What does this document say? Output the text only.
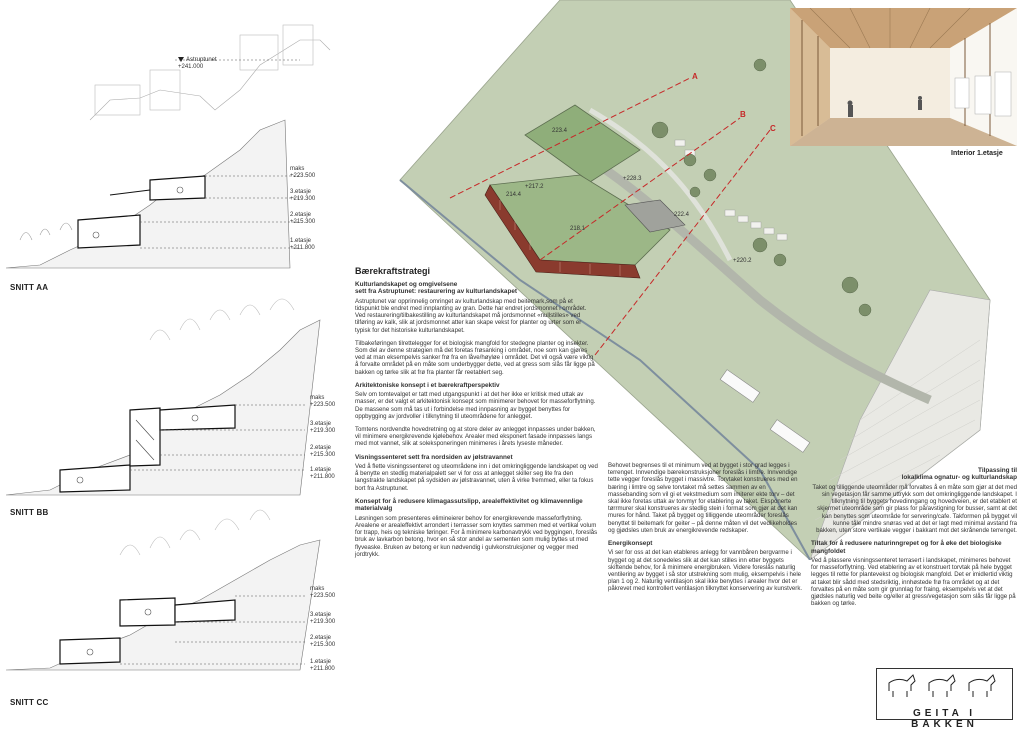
Astruptunet
+241.000
maks
+223.500
3.etasje
+219.300
2.etasje
+215.300
1.etasje
+211.800
SNITT AA
maks
+223.500
3.etasje
+219.300
2.etasje
+215.300
1.etasje
+211.800
SNITT BB
maks
+223.500
3.etasje
+219.300
2.etasje
+215.300
1.etasje
+211.800
SNITT CC
223.4
+228.3
+217.2
214.4
218.1
222.4
+220.2
A
B
C
Interior 1.etasje
Bærekraftstrategi
Kulturlandskapet og omgivelsene
sett fra Astruptunet: restaurering av kulturlandskapet

Astruptunet var opprinnelig omringet av kulturlandskap med beitemark,som på et tidspunkt ble endret med innplanting av gran. Dette har endret jordsmonnet i området. Ved restaurering/tilbakestilling av kulturlandskapet må jordsmonnet «nullstilles» ved tilføring av kalk, slik at jordsmonnet atter kan skape vekst for planter og urter som er typisk for det historiske kulturlandskapet.

Tilbakeføringen tilrettelegger for et biologisk mangfold for stedegne planter og insekter. Som del av denne strategien må det foretas frøsanking i området, noe som kan gjøres ved at man eksempelvis sanker frø fra en låve/høyløe i området. Det vil også være viktig å forvalte området på en måte som underbygger dette, ved at gress som slås får ligge på bakken og tørke slik at frø fra planter får reetablert seg.

Arkitektoniske konsept i et bærekraftperspektiv

Selv om tomtevalget er tatt med utgangspunkt i at det her ikke er kritisk med uttak av masser, er det valgt et arkitektonisk konsept som minimerer behovet for masseforflytning. De massene som må tas ut i forbindelse med innpasning av bygget benyttes for oppbygging av jordvoller i tilknytning til uteområdene for anlegget.

Tomtens nordvendte hovedretning og at store deler av anlegget innpasses under bakken, vil minimere energikrevende kjølebehov. Arealer med eksponert fasade innpasses langs med mot vannet, slik at soleksponeringen minimeres i årets lyseste måneder.

Visningssenteret sett fra nordsiden av jølstravannet

Ved å flette visningssenteret og uteområdene inn i det omkringliggende landskapet og ved å benytte en stedlig materialpalett ser vi for oss at anlegget skiller seg lite fra den langstrakte landskapet på sydsiden av jølstravannet, uten å virke fremmed, eller ta fokus bort fra Astruptunet.

Konsept for å redusere klimagassutslipp, arealeffektivitet og klimavennlige materialvalg

Løsningen som presenteres elimineierer behov for energikrevende masseforflytning. Arealene er arealeffektivt arrondert i terrasser som knyttes sammen med et vertikal volum for trapp, heis og tekniske føringer. For å minimere karbonavtrykk ved byggingen, foreslås bruk av lavkarbon betong, hvor en så stor andel av sementen som mulig byttes ut med flyveaske. Bruken av betong er kun nødvendig i gulvkonstruksjoner og vegger med jordtrykk.

Behovet begrenses til et minimum ved at bygget i stor grad legges i terrenget. Innvendige bærekonstruksjoner foreslås i limtre. Innvendige tette vegger foreslås bygget i massivtre. Torvtaket konstrueres med en bæring i limtre og selve torvtaket må settes sammen av en massebanding som vil gi et vekstmedium som imiterer ekte torv – det skal ikke foretas uttak av torvmyr for etablering av taket. Eksponerte tørrmurer skal konstrueres av stedlig stein i format som gjør at det kan mures for hånd. Taket på bygget og tilliggende uteområder foreslås benyttet til beitemark for geiter – på denne måten vil det vedlikeholdes og gjødsles uten bruk av energikrevende redskaper.

Energikonsept

Vi ser for oss at det kan etableres anlegg for vannbåren bergvarme i bygget og at det sonedeles slik at det kan stilles inn etter byggets skiftende behov, for å minimere energibruken. Videre foreslås naturlig ventilering av bygget i så stor utstrekning som mulig, eksempelvis i hele plan 1 og 2. Naturlig ventilasjon skal ikke benyttes i arealer hvor det er påkrevet med kontrollert ventilasjon tilknyttet konservering av kunstverk.

Tilpassing til
lokalklima ognatur- og kulturlandskap

Taket og tilliggende uteområder må forvaltes å en måte som gjør at det med sin vegetasjon får samme uttrykk som det omkringliggende landskapet. I tilknytning til byggets hovedinngang og hovedveien, er det etablert et skjermet uteområde som gir plass for på/avstigning for busser, samt at det kan benyttes som uteområde for servering/cafe. Takformen på bygget vil kunne tåle mindre snøras ved at det er lagt med minimal avstand fra bakken, uten store vertikale vegger i bakkant mot det skrånende terrenget.

Tiltak for å redusere naturinngrepet og for å øke det biologiske mangfoldet

Ved å plassere visningssenteret terrasert i landskapet, minimeres behovet for masseforflytning. Ved etablering av et konstruert torvtak på hele bygget legges til rette for plantevekst og biologisk mangfold. Det er imidlertid viktig at taket blir sådd med stedsriktig, innhøstede frø fra området og at det forvaltes på en måte som gir grunnlag for fraing, eksempelvis vet at det gjødsles naturlig ved beite og/eller at gress/vegetasjon som slås får ligge på bakken og tørke.

GEITA I BAKKEN
